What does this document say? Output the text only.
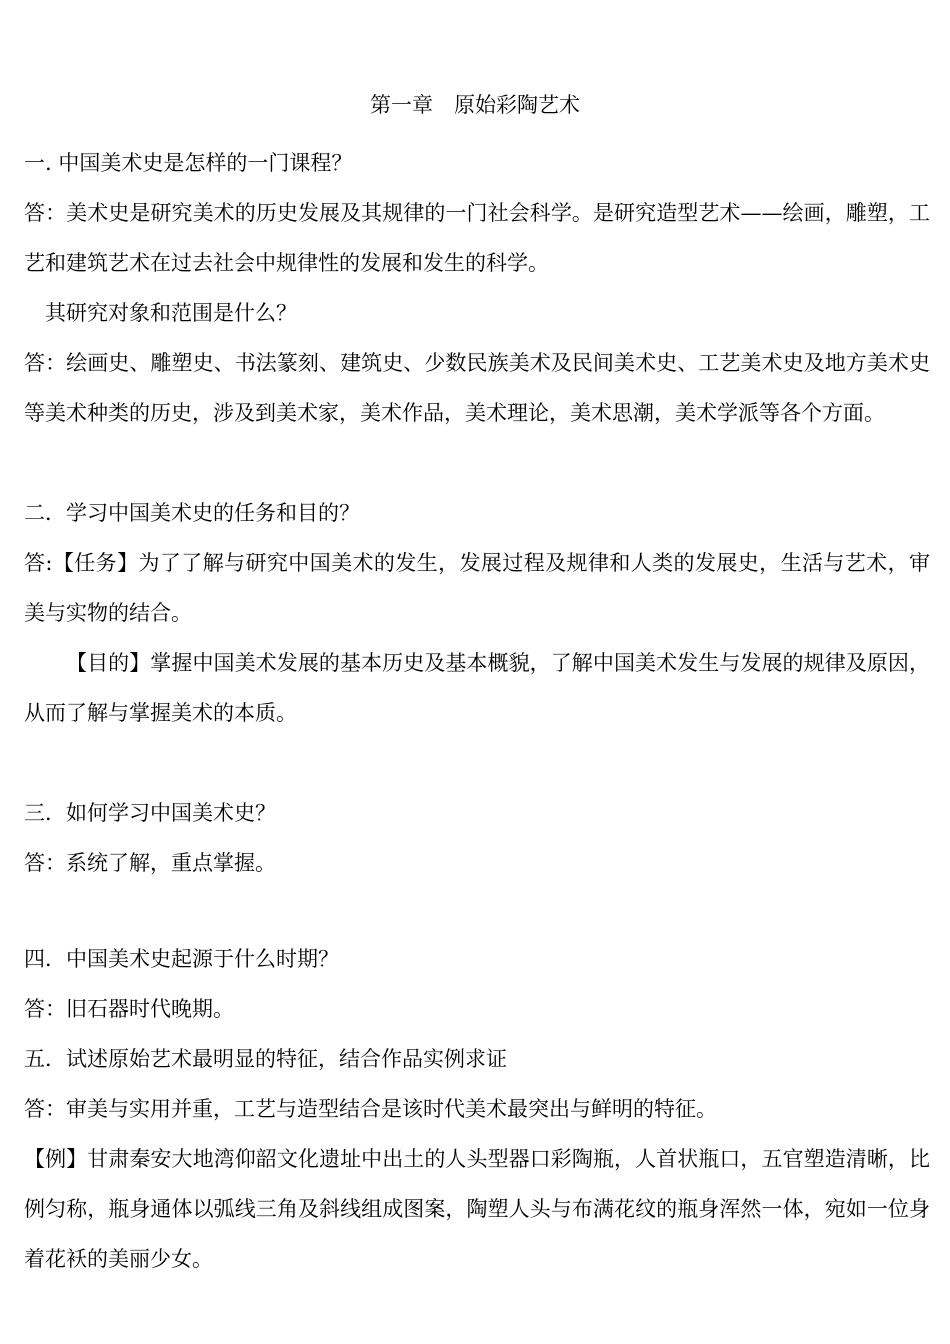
第一章　原始彩陶艺术

一. 中国美术史是怎样的一门课程？

答：美术史是研究美术的历史发展及其规律的一门社会科学。是研究造型艺术——绘画，雕塑，工艺和建筑艺术在过去社会中规律性的发展和发生的科学。

其研究对象和范围是什么？

答：绘画史、雕塑史、书法篆刻、建筑史、少数民族美术及民间美术史、工艺美术史及地方美术史等美术种类的历史，涉及到美术家，美术作品，美术理论，美术思潮，美术学派等各个方面。

二．学习中国美术史的任务和目的？

答:【任务】为了了解与研究中国美术的发生，发展过程及规律和人类的发展史，生活与艺术，审美与实物的结合。

【目的】掌握中国美术发展的基本历史及基本概貌，了解中国美术发生与发展的规律及原因，从而了解与掌握美术的本质。

三．如何学习中国美术史？

答：系统了解，重点掌握。

四．中国美术史起源于什么时期？

答：旧石器时代晚期。

五．试述原始艺术最明显的特征，结合作品实例求证

答：审美与实用并重，工艺与造型结合是该时代美术最突出与鲜明的特征。

【例】甘肃秦安大地湾仰韶文化遗址中出土的人头型器口彩陶瓶，人首状瓶口，五官塑造清晰，比例匀称，瓶身通体以弧线三角及斜线组成图案，陶塑人头与布满花纹的瓶身浑然一体，宛如一位身着花袄的美丽少女。
